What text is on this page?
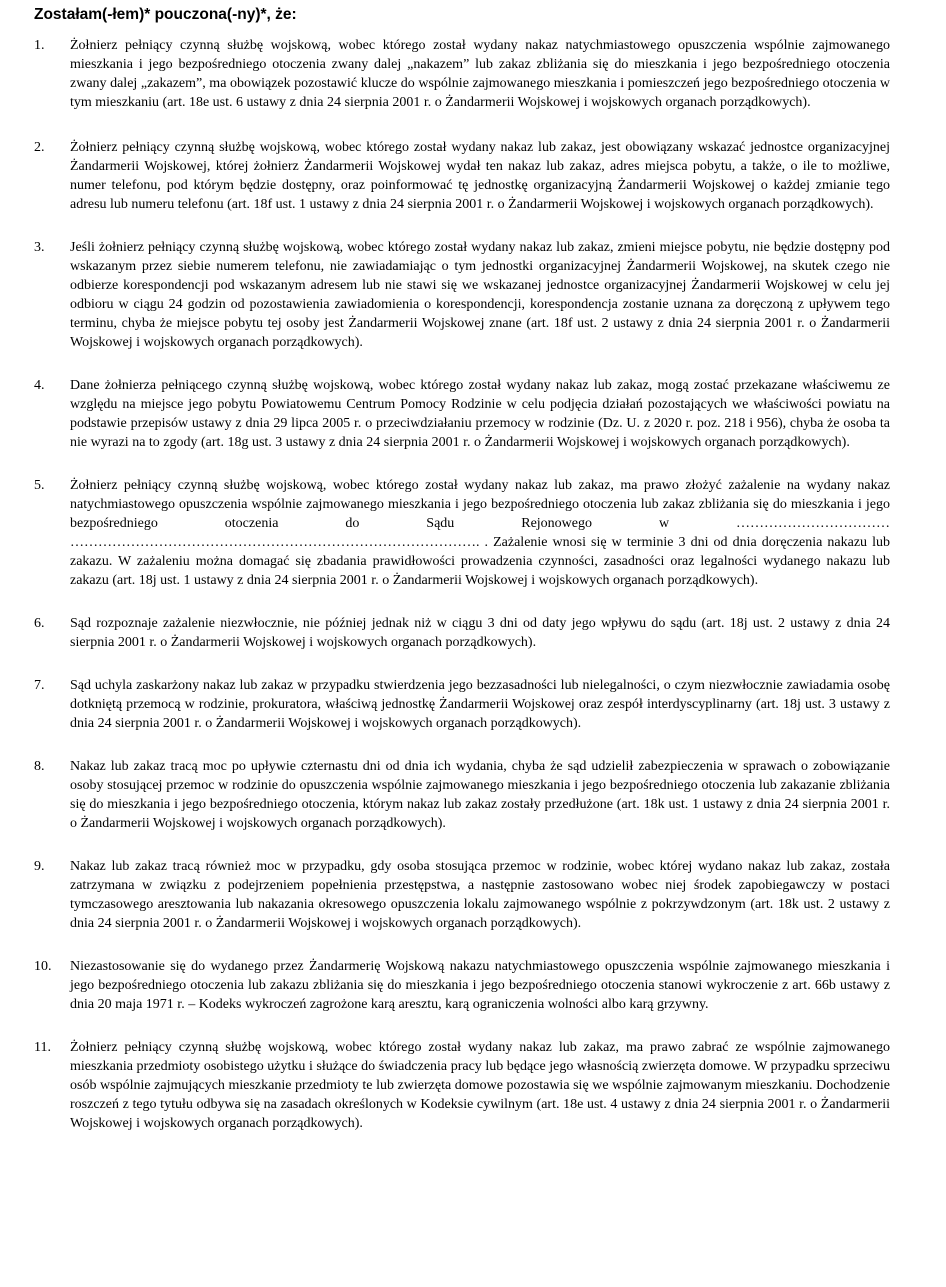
Zostałam(-łem)* pouczona(-ny)*, że:
1.	Żołnierz pełniący czynną służbę wojskową, wobec którego został wydany nakaz natychmiastowego opuszczenia wspólnie zajmowanego mieszkania i jego bezpośredniego otoczenia zwany dalej „nakazem” lub zakaz zbliżania się do mieszkania i jego bezpośredniego otoczenia zwany dalej „zakazem”, ma obowiązek pozostawić klucze do wspólnie zajmowanego mieszkania i pomieszczeń jego bezpośredniego otoczenia w tym mieszkaniu (art. 18e ust. 6 ustawy z dnia 24 sierpnia 2001 r. o Żandarmerii Wojskowej i wojskowych organach porządkowych).
2.	Żołnierz pełniący czynną służbę wojskową, wobec którego został wydany nakaz lub zakaz, jest obowiązany wskazać jednostce organizacyjnej Żandarmerii Wojskowej, której żołnierz Żandarmerii Wojskowej wydał ten nakaz lub zakaz, adres miejsca pobytu, a także, o ile to możliwe, numer telefonu, pod którym będzie dostępny, oraz poinformować tę jednostkę organizacyjną Żandarmerii Wojskowej o każdej zmianie tego adresu lub numeru telefonu (art. 18f ust. 1 ustawy z dnia 24 sierpnia 2001 r. o Żandarmerii Wojskowej i wojskowych organach porządkowych).
3.	Jeśli żołnierz pełniący czynną służbę wojskową, wobec którego został wydany nakaz lub zakaz, zmieni miejsce pobytu, nie będzie dostępny pod wskazanym przez siebie numerem telefonu, nie zawiadamiając o tym jednostki organizacyjnej Żandarmerii Wojskowej, na skutek czego nie odbierze korespondencji pod wskazanym adresem lub nie stawi się we wskazanej jednostce organizacyjnej Żandarmerii Wojskowej w celu jej odbioru w ciągu 24 godzin od pozostawienia zawiadomienia o korespondencji, korespondencja zostanie uznana za doręczoną z upływem tego terminu, chyba że miejsce pobytu tej osoby jest Żandarmerii Wojskowej znane (art. 18f ust. 2 ustawy z dnia 24 sierpnia 2001 r. o Żandarmerii Wojskowej i wojskowych organach porządkowych).
4.	Dane żołnierza pełniącego czynną służbę wojskową, wobec którego został wydany nakaz lub zakaz, mogą zostać przekazane właściwemu ze względu na miejsce jego pobytu Powiatowemu Centrum Pomocy Rodzinie w celu podjęcia działań pozostających we właściwości powiatu na podstawie przepisów ustawy z dnia 29 lipca 2005 r. o przeciwdziałaniu przemocy w rodzinie (Dz. U. z 2020 r. poz. 218 i 956), chyba że osoba ta nie wyrazi na to zgody (art. 18g ust. 3 ustawy z dnia 24 sierpnia 2001 r. o Żandarmerii Wojskowej i wojskowych organach porządkowych).
5.	Żołnierz pełniący czynną służbę wojskową, wobec którego został wydany nakaz lub zakaz, ma prawo złożyć zażalenie na wydany nakaz natychmiastowego opuszczenia wspólnie zajmowanego mieszkania i jego bezpośredniego otoczenia lub zakaz zbliżania się do mieszkania i jego bezpośredniego otoczenia do Sądu Rejonowego w …………………………… ……………………………………………………………………………. . Zażalenie wnosi się w terminie 3 dni od dnia doręczenia nakazu lub zakazu. W zażaleniu można domagać się zbadania prawidłowości prowadzenia czynności, zasadności oraz legalności wydanego nakazu lub zakazu (art. 18j ust. 1 ustawy z dnia 24 sierpnia 2001 r. o Żandarmerii Wojskowej i wojskowych organach porządkowych).
6.	Sąd rozpoznaje zażalenie niezwłocznie, nie później jednak niż w ciągu 3 dni od daty jego wpływu do sądu (art. 18j ust. 2 ustawy z dnia 24 sierpnia 2001 r. o Żandarmerii Wojskowej i wojskowych organach porządkowych).
7.	Sąd uchyla zaskarżony nakaz lub zakaz w przypadku stwierdzenia jego bezzasadności lub nielegalności, o czym niezwłocznie zawiadamia osobę dotkniętą przemocą w rodzinie, prokuratora, właściwą jednostkę Żandarmerii Wojskowej oraz zespół interdyscyplinarny (art. 18j ust. 3 ustawy z dnia 24 sierpnia 2001 r. o Żandarmerii Wojskowej i wojskowych organach porządkowych).
8.	Nakaz lub zakaz tracą moc po upływie czternastu dni od dnia ich wydania, chyba że sąd udzielił zabezpieczenia w sprawach o zobowiązanie osoby stosującej przemoc w rodzinie do opuszczenia wspólnie zajmowanego mieszkania i jego bezpośredniego otoczenia lub zakazanie zbliżania się do mieszkania i jego bezpośredniego otoczenia, którym nakaz lub zakaz zostały przedłużone (art. 18k ust. 1 ustawy z dnia 24 sierpnia 2001 r. o Żandarmerii Wojskowej i wojskowych organach porządkowych).
9.	Nakaz lub zakaz tracą również moc w przypadku, gdy osoba stosująca przemoc w rodzinie, wobec której wydano nakaz lub zakaz, została zatrzymana w związku z podejrzeniem popełnienia przestępstwa, a następnie zastosowano wobec niej środek zapobiegawczy w postaci tymczasowego aresztowania lub nakazania okresowego opuszczenia lokalu zajmowanego wspólnie z pokrzywdzonym (art. 18k ust. 2 ustawy z dnia 24 sierpnia 2001 r. o Żandarmerii Wojskowej i wojskowych organach porządkowych).
10.	Niezastosowanie się do wydanego przez Żandarmerię Wojskową nakazu natychmiastowego opuszczenia wspólnie zajmowanego mieszkania i jego bezpośredniego otoczenia lub zakazu zbliżania się do mieszkania i jego bezpośredniego otoczenia stanowi wykroczenie z art. 66b ustawy z dnia 20 maja 1971 r. – Kodeks wykroczeń zagrożone karą aresztu, karą ograniczenia wolności albo karą grzywny.
11.	Żołnierz pełniący czynną służbę wojskową, wobec którego został wydany nakaz lub zakaz, ma prawo zabrać ze wspólnie zajmowanego mieszkania przedmioty osobistego użytku i służące do świadczenia pracy lub będące jego własnością zwierzęta domowe. W przypadku sprzeciwu osób wspólnie zajmujących mieszkanie przedmioty te lub zwierzęta domowe pozostawia się we wspólnie zajmowanym mieszkaniu. Dochodzenie roszczeń z tego tytułu odbywa się na zasadach określonych w Kodeksie cywilnym (art. 18e ust. 4 ustawy z dnia 24 sierpnia 2001 r. o Żandarmerii Wojskowej i wojskowych organach porządkowych).
